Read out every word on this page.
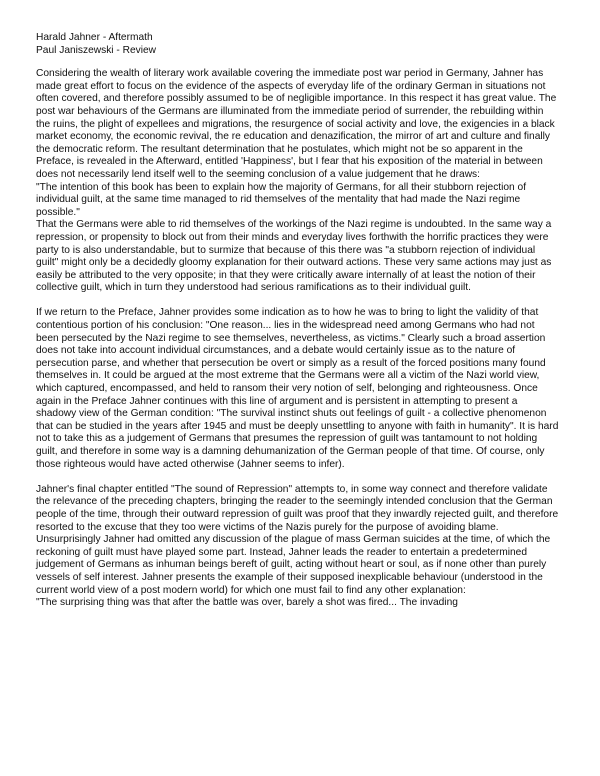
Harald Jahner - Aftermath

Paul Janiszewski - Review

Considering the wealth of literary work available covering the immediate post war period in Germany, Jahner has made great effort to focus on the evidence of the aspects of everyday life of the ordinary German in situations not often covered, and therefore possibly assumed to be of negligible importance. In this respect it has great value. The post war behaviours of the Germans are illuminated from the immediate period of surrender, the rebuilding within the ruins, the plight of expellees and migrations, the resurgence of social activity and love, the exigencies in a black market economy, the economic revival, the re education and denazification, the mirror of art and culture and finally the democratic reform. The resultant determination that he postulates, which might not be so apparent in the Preface, is revealed in the Afterward, entitled 'Happiness', but I fear that his exposition of the material in between does not necessarily lend itself well to the seeming conclusion of a value judgement that he draws:

"The intention of this book has been to explain how the majority of Germans, for all their stubborn rejection of individual guilt, at the same time managed to rid themselves of the mentality that had made the Nazi regime possible."

That the Germans were able to rid themselves of the workings of the Nazi regime is undoubted. In the same way a repression, or propensity to block out from their minds and everyday lives forthwith the horrific practices they were party to is also understandable, but to surmize that because of this there was "a stubborn rejection of individual guilt" might only be a decidedly gloomy explanation for their outward actions. These very same actions may just as easily be attributed to the very opposite; in that they were critically aware internally of at least the notion of their collective guilt, which in turn they understood had serious ramifications as to their individual guilt.

If we return to the Preface, Jahner provides some indication as to how he was to bring to light the validity of that contentious portion of his conclusion: "One reason... lies in the widespread need among Germans who had not been persecuted by the Nazi regime to see themselves, nevertheless, as victims." Clearly such a broad assertion does not take into account individual circumstances, and a debate would certainly issue as to the nature of persecution parse, and whether that persecution be overt or simply as a result of the forced positions many found themselves in. It could be argued at the most extreme that the Germans were all a victim of the Nazi world view, which captured, encompassed, and held to ransom their very notion of self, belonging and righteousness. Once again in the Preface Jahner continues with this line of argument and is persistent in attempting to present a shadowy view of the German condition: "The survival instinct shuts out feelings of guilt - a collective phenomenon that can be studied in the years after 1945 and must be deeply unsettling to anyone with faith in humanity". It is hard not to take this as a judgement of Germans that presumes the repression of guilt was tantamount to not holding guilt, and therefore in some way is a damning dehumanization of the German people of that time. Of course, only those righteous would have acted otherwise (Jahner seems to infer).

Jahner's final chapter entitled "The sound of Repression" attempts to, in some way connect and therefore validate the relevance of the preceding chapters, bringing the reader to the seemingly intended conclusion that the German people of the time, through their outward repression of guilt was proof that they inwardly rejected guilt, and therefore resorted to the excuse that they too were victims of the Nazis purely for the purpose of avoiding blame. Unsurprisingly Jahner had omitted any discussion of the plague of mass German suicides at the time, of which the reckoning of guilt must have played some part. Instead, Jahner leads the reader to entertain a predetermined judgement of Germans as inhuman beings bereft of guilt, acting without heart or soul, as if none other than purely vessels of self interest. Jahner presents the example of their supposed inexplicable behaviour (understood in the current world view of a post modern world) for which one must fail to find any other explanation:

"The surprising thing was that after the battle was over, barely a shot was fired... The invading
